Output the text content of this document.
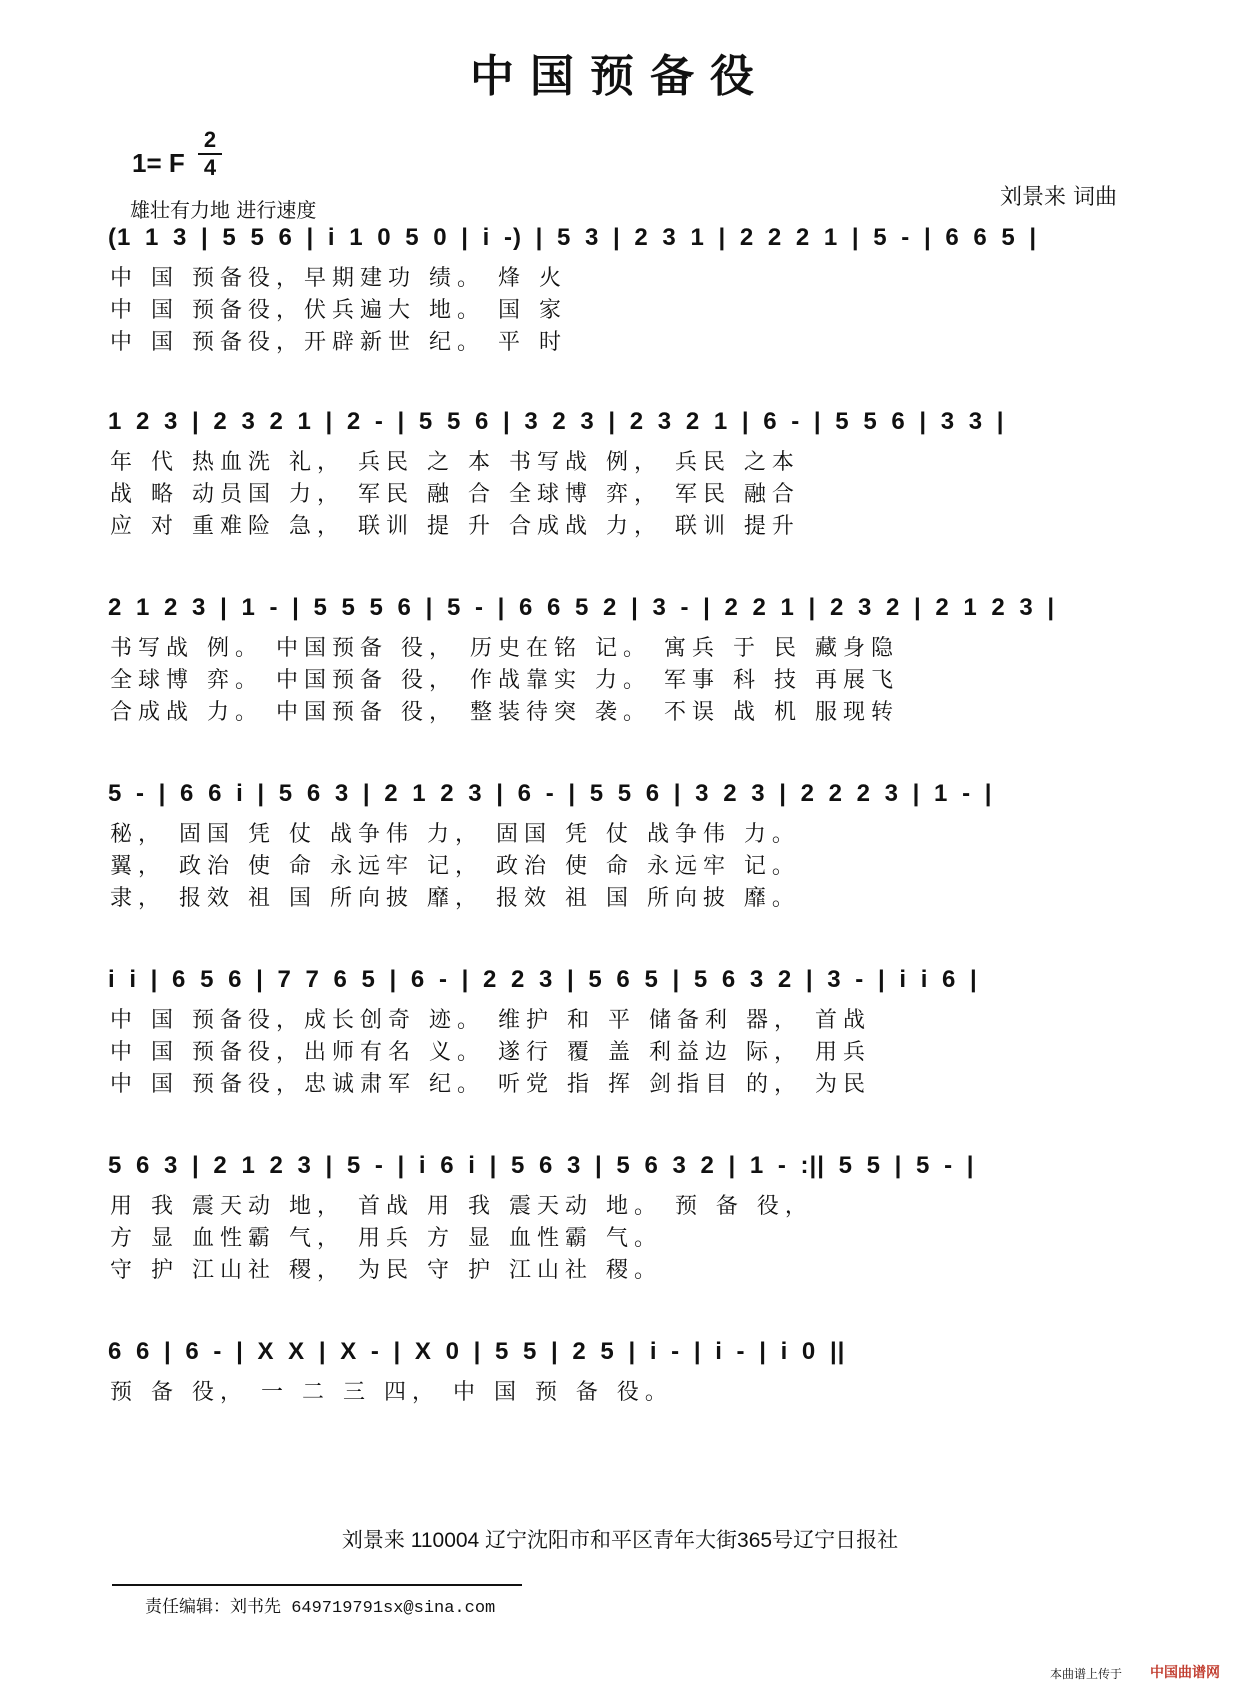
中国预备役
1= F
2
4
雄壮有力地 进行速度	刘景来 词曲
(1 1 3 | 5 5 6 | i 1 0 5 0 | i -) | 5 3 | 2 3 1 | 2 2 2 1 | 5 - | 6 6 5 |
中 国 预备役，早期建功 绩。 烽 火
中 国 预备役，伏兵遍大 地。 国 家
中 国 预备役，开辟新世 纪。 平 时
1 2 3 | 2 3 2 1 | 2 - | 5 5 6 | 3 2 3 | 2 3 2 1 | 6 - | 5 5 6 | 3 3 |
年 代 热血洗 礼， 兵民 之 本 书写战 例， 兵民 之本
战 略 动员国 力， 军民 融 合 全球博 弈， 军民 融合
应 对 重难险 急， 联训 提 升 合成战 力， 联训 提升
2 1 2 3 | 1 - | 5 5 5 6 | 5 - | 6 6 5 2 | 3 - | 2 2 1 | 2 3 2 | 2 1 2 3 |
书写战 例。 中国预备 役， 历史在铭 记。 寓兵 于 民 藏身隐
全球博 弈。 中国预备 役， 作战靠实 力。 军事 科 技 再展飞
合成战 力。 中国预备 役， 整装待突 袭。 不误 战 机 服现转
5 - | 6 6 i | 5 6 3 | 2 1 2 3 | 6 - | 5 5 6 | 3 2 3 | 2 2 2 3 | 1 - |
秘， 固国 凭 仗 战争伟 力， 固国 凭 仗 战争伟 力。
翼， 政治 使 命 永远牢 记， 政治 使 命 永远牢 记。
隶， 报效 祖 国 所向披 靡， 报效 祖 国 所向披 靡。
i i | 6 5 6 | 7 7 6 5 | 6 - | 2 2 3 | 5 6 5 | 5 6 3 2 | 3 - | i i 6 |
中 国 预备役，成长创奇 迹。 维护 和 平 储备利 器， 首战
中 国 预备役，出师有名 义。 遂行 覆 盖 利益边 际， 用兵
中 国 预备役，忠诚肃军 纪。 听党 指 挥 剑指目 的， 为民
5 6 3 | 2 1 2 3 | 5 - | i 6 i | 5 6 3 | 5 6 3 2 | 1 - :|| 5 5 | 5 - |
用 我 震天动 地， 首战 用 我 震天动 地。 预 备 役，
方 显 血性霸 气， 用兵 方 显 血性霸 气。
守 护 江山社 稷， 为民 守 护 江山社 稷。
6 6 | 6 - | X X | X - | X 0 | 5 5 | 2 5 | i - | i - | i 0 ||
预 备 役， 一 二 三 四， 中 国 预 备 役。
刘景来 110004 辽宁沈阳市和平区青年大街365号辽宁日报社
责任编辑：刘书先 649719791sx@sina.com
本曲谱上传于 中国曲谱网
